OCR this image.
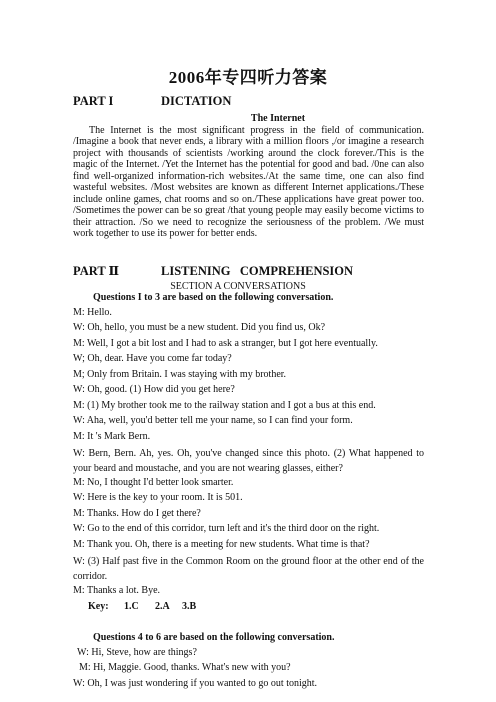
2006年专四听力答案
PART I	DICTATION
The Internet
The Internet is the most significant progress in the field of communication. /Imagine a book that never ends, a library with a million floors ,/or imagine a research project with thousands of scientists /working around the clock forever./This is the magic of the Internet. /Yet the Internet has the potential for good and bad. /0ne can also find well-organized information-rich websites./At the same time, one can also find wasteful websites. /Most websites are known as different Internet applications./These include online games, chat rooms and so on./These applications have great power too. /Sometimes the power can be so great /that young people may easily become victims to their attraction. /So we need to recognize the seriousness of the problem. /We must work together to use its power for better ends.
PART Ⅱ	LISTENING   COMPREHENSION
SECTION A CONVERSATIONS
Questions I to 3 are based on the following conversation.
M: Hello.
W: Oh, hello, you must be a new student. Did you find us, Ok?
M: Well, I got a bit lost and I had to ask a stranger, but I got here eventually.
W; Oh, dear. Have you come far today?
M; Only from Britain. I was staying with my brother.
W: Oh, good. (1) How did you get here?
M: (1) My brother took me to the railway station and I got a bus at this end.
W: Aha, well, you'd better tell me your name, so I can find your form.
M: It 's Mark Bern.
W: Bern, Bern. Ah, yes. Oh, you've changed since this photo. (2) What happened to your beard and moustache, and you are not wearing glasses, either?
M: No, I thought I'd better look smarter.
W: Here is the key to your room. It is 501.
M: Thanks. How do I get there?
W: Go to the end of this corridor, turn left and it's the third door on the right.
M: Thank you. Oh, there is a meeting for new students. What time is that?
W: (3) Half past five in the Common Room on the ground floor at the other end of the corridor.
M: Thanks a lot. Bye.
Key: 1.C 2.A 3.B
Questions 4 to 6 are based on the following conversation.
W: Hi, Steve, how are things?
M: Hi, Maggie. Good, thanks. What's new with you?
W: Oh, I was just wondering if you wanted to go out tonight.
